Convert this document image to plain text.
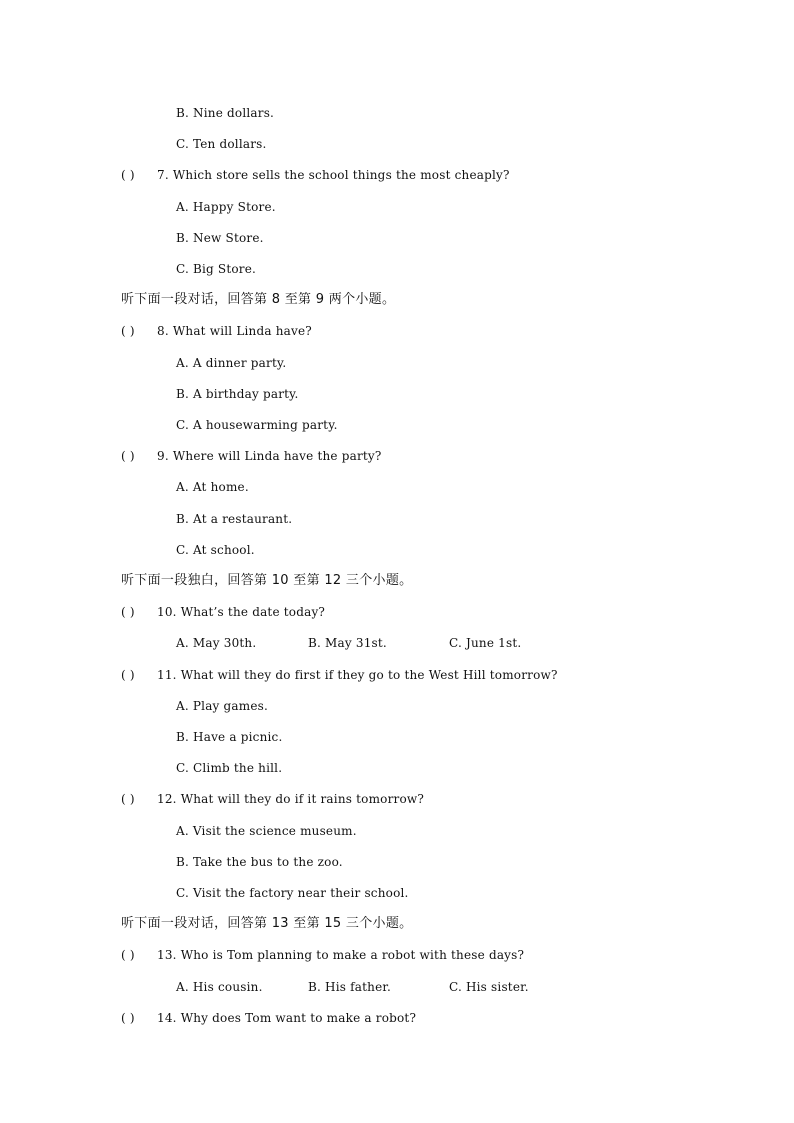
B. Nine dollars.
C. Ten dollars.
( ) 7. Which store sells the school things the most cheaply?
A. Happy Store.
B. New Store.
C. Big Store.
听下面一段对话，回答第 8 至第 9 两个小题。
( ) 8. What will Linda have?
A. A dinner party.
B. A birthday party.
C. A housewarming party.
( ) 9. Where will Linda have the party?
A. At home.
B. At a restaurant.
C. At school.
听下面一段独白，回答第 10 至第 12 三个小题。
( ) 10. What’s the date today?
A. May 30th.	B. May 31st.	C. June 1st.
( ) 11. What will they do first if they go to the West Hill tomorrow?
A. Play games.
B. Have a picnic.
C. Climb the hill.
( ) 12. What will they do if it rains tomorrow?
A. Visit the science museum.
B. Take the bus to the zoo.
C. Visit the factory near their school.
听下面一段对话，回答第 13 至第 15 三个小题。
( ) 13. Who is Tom planning to make a robot with these days?
A. His cousin.	B. His father.	C. His sister.
( ) 14. Why does Tom want to make a robot?
